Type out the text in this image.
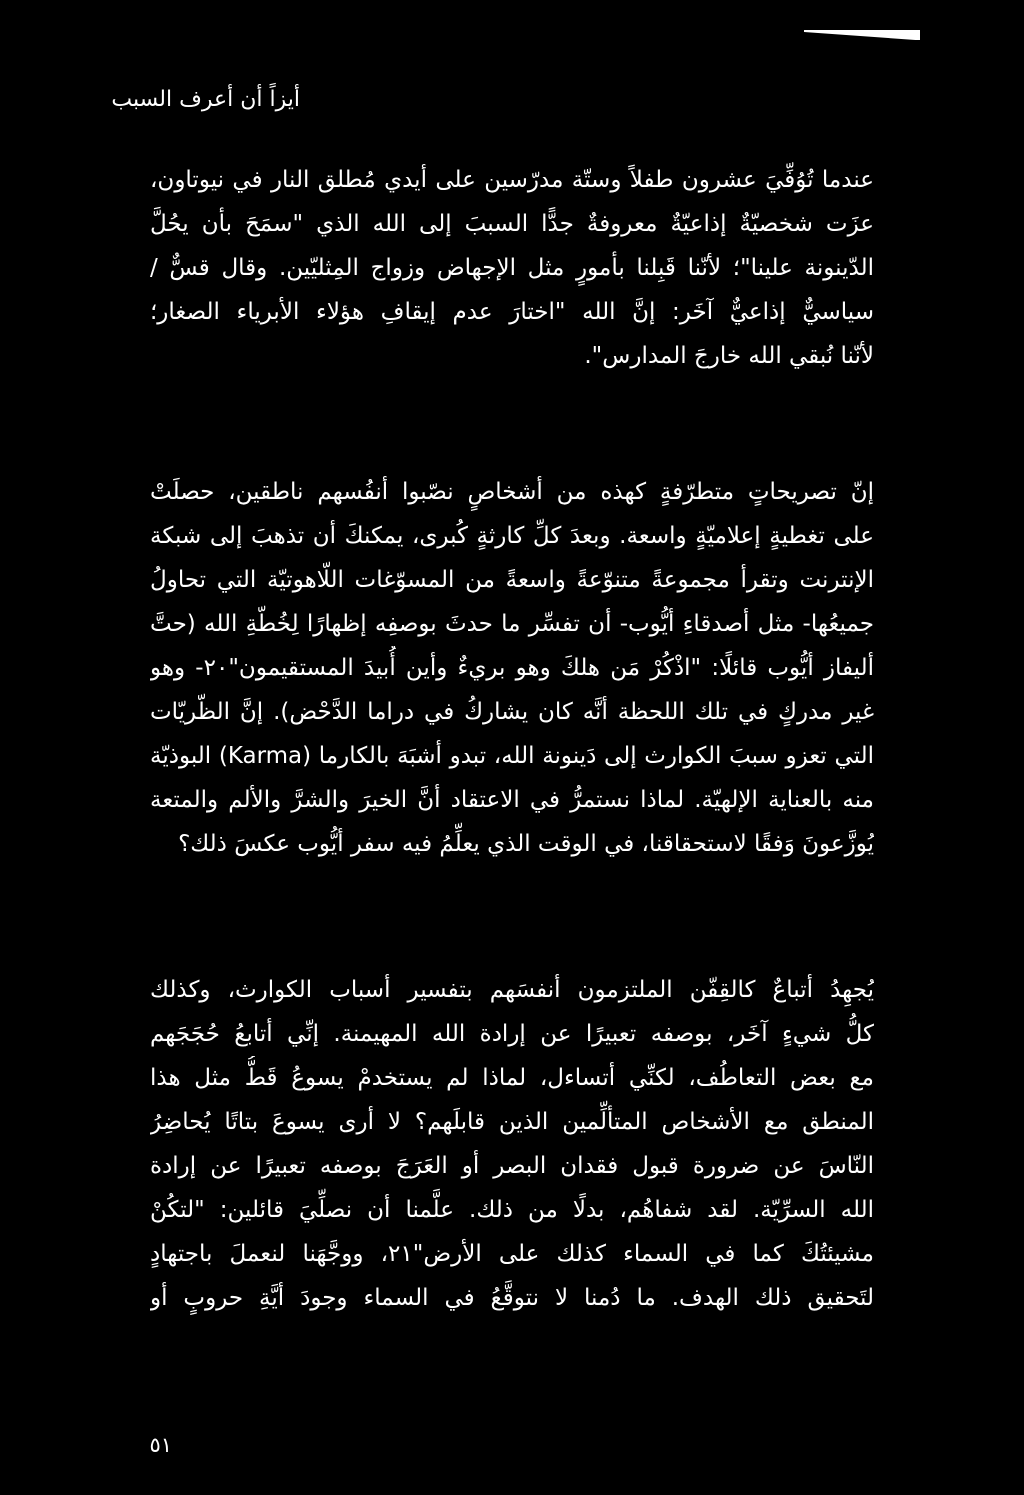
أيزاً أن أعرف السبب
عندما تُوُفِّيَ عشرون طفلاً وستّة مدرّسين على أيدي مُطلق النار في نيوتاون،
عزَت شخصيّةٌ إذاعيّةٌ معروفةٌ جدًّا السببَ إلى الله الذي "سمَحَ بأن يحُلَّ
الدّينونة علينا"؛ لأنّنا قَبِلنا بأمورٍ مثل الإجهاض وزواج المِثليّين. وقال قسٌّ /
سياسيٌّ إذاعيٌّ آخَر: إنَّ الله "اختارَ عدم إيقافِ هؤلاء الأبرياء الصغار؛
لأنّنا نُبقي الله خارجَ المدارس".
إنّ تصريحاتٍ متطرّفةٍ كهذه من أشخاصٍ نصّبوا أنفُسهم ناطقين، حصلَتْ
على تغطيةٍ إعلاميّةٍ واسعة. وبعدَ كلِّ كارثةٍ كُبرى، يمكنكَ أن تذهبَ إلى شبكة
الإنترنت وتقرأ مجموعةً متنوّعةً واسعةً من المسوّغات اللّاهوتيّة التي تحاولُ
جميعُها- مثل أصدقاءِ أيُّوب- أن تفسِّر ما حدثَ بوصفِه إظهارًا لِخُطّةِ الله (حتَّ
أليفاز أيُّوب قائلًا: "اذْكُرْ مَن هلكَ وهو بريءٌ وأين أُبيدَ المستقيمون"٢٠- وهو
غير مدركٍ في تلك اللحظة أنَّه كان يشاركُ في دراما الدَّحْض). إنَّ الظّريّات
التي تعزو سببَ الكوارث إلى دَينونة الله، تبدو أشبَهَ بالكارما (Karma) البوذيّة
منه بالعناية الإلهيّة. لماذا نستمرُّ في الاعتقاد أنَّ الخيرَ والشرَّ والألم والمتعة
يُوزَّعونَ وَفقًا لاستحقاقنا، في الوقت الذي يعلِّمُ فيه سفر أيُّوب عكسَ ذلك؟
يُجهِدُ أتباعٌ كالقِفّن الملتزمون أنفسَهم بتفسير أسباب الكوارث، وكذلك
كلُّ شيءٍ آخَر، بوصفه تعبيرًا عن إرادة الله المهيمنة. إنِّي أتابعُ حُجَجَهم
مع بعض التعاطُف، لكنِّي أتساءل، لماذا لم يستخدمْ يسوعُ قَطُّ مثل هذا
المنطق مع الأشخاص المتألِّمين الذين قابلَهم؟ لا أرى يسوعَ بتاتًا يُحاضِرُ
النّاسَ عن ضرورة قبول فقدان البصر أو العَرَجَ بوصفه تعبيرًا عن إرادة
الله السرِّيّة. لقد شفاهُم، بدلًا من ذلك. علَّمنا أن نصلِّيَ قائلين: "لتكُنْ
مشيئتُكَ كما في السماء كذلك على الأرض"٢١، ووجَّهَنا لنعملَ باجتهادٍ
لتَحقيق ذلك الهدف. ما دُمنا لا نتوقَّعُ في السماء وجودَ أيَّةِ حروبٍ أو
٥١
